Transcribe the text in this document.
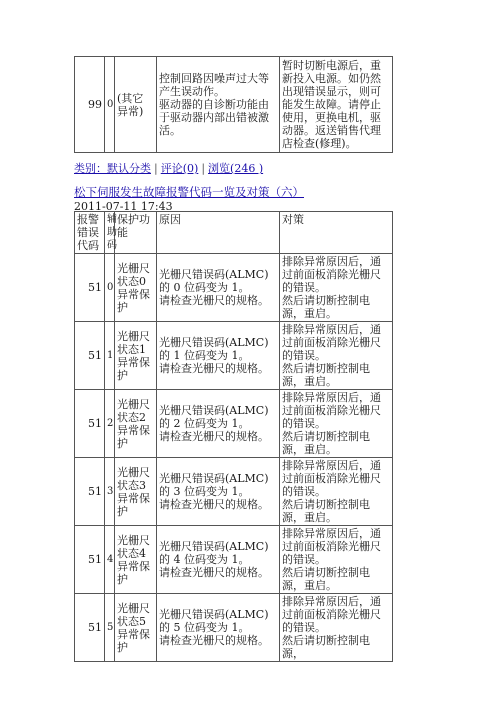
99	0	(其它异常)	控制回路因噪声过大等产生误动作。
驱动器的自诊断功能由于驱动器内部出错被激活。	暂时切断电源后，重新投入电源。如仍然出现错误显示，则可能发生故障。请停止使用，更换电机，驱动器。返送销售代理店检查(修理)。
类别：默认分类 | 评论(0) | 浏览(246 )
松下伺服发生故障报警代码一览及对策（六）
2011-07-11 17:43
报警错误代码	辅助码	保护功能	原因	对策
51	0	光栅尺状态0异常保护	光栅尺错误码(ALMC)的 0 位码变为 1。
请检查光栅尺的规格。	排除异常原因后，通过前面板消除光栅尺的错误。
然后请切断控制电源，重启。
51	1	光栅尺状态1异常保护	光栅尺错误码(ALMC)的 1 位码变为 1。
请检查光栅尺的规格。	排除异常原因后，通过前面板消除光栅尺的错误。
然后请切断控制电源，重启。
51	2	光栅尺状态2异常保护	光栅尺错误码(ALMC)的 2 位码变为 1。
请检查光栅尺的规格。	排除异常原因后，通过前面板消除光栅尺的错误。
然后请切断控制电源，重启。
51	3	光栅尺状态3异常保护	光栅尺错误码(ALMC)的 3 位码变为 1。
请检查光栅尺的规格。	排除异常原因后，通过前面板消除光栅尺的错误。
然后请切断控制电源，重启。
51	4	光栅尺状态4异常保护	光栅尺错误码(ALMC)的 4 位码变为 1。
请检查光栅尺的规格。	排除异常原因后，通过前面板消除光栅尺的错误。
然后请切断控制电源，重启。
51	5	光栅尺状态5异常保护	光栅尺错误码(ALMC)的 5 位码变为 1。
请检查光栅尺的规格。	排除异常原因后，通过前面板消除光栅尺的错误。
然后请切断控制电源，
